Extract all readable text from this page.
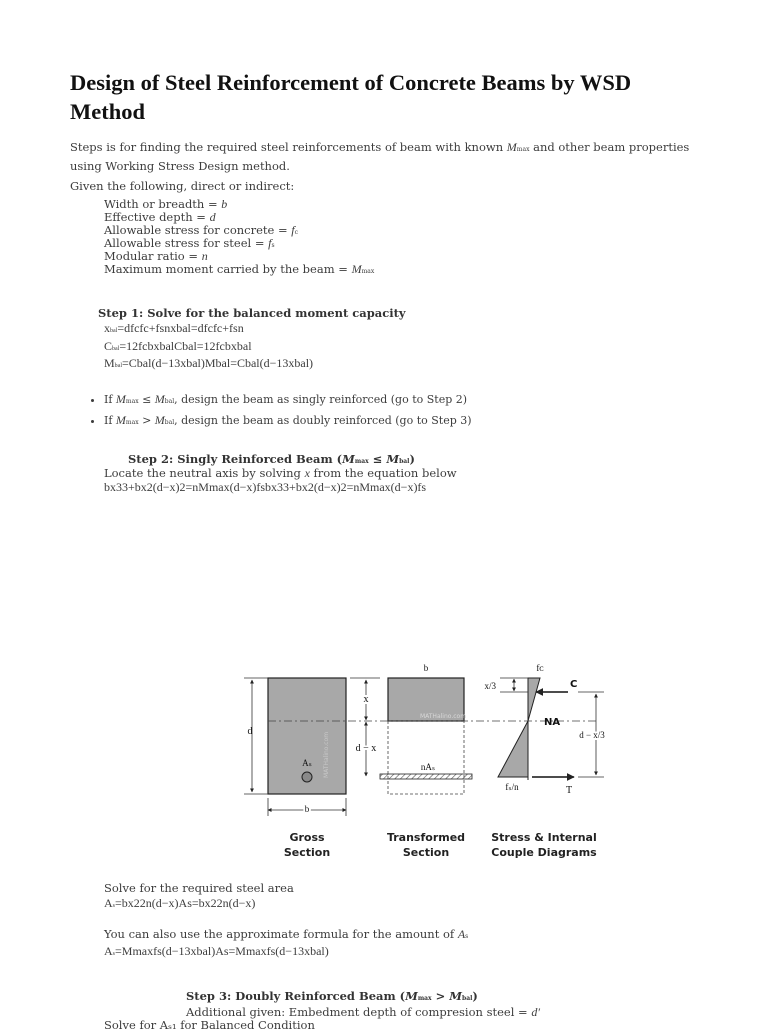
Design of Steel Reinforcement of Concrete Beams by WSD Method
Steps is for finding the required steel reinforcements of beam with known Mmax and other beam properties using Working Stress Design method.
Given the following, direct or indirect:
Width or breadth = b
Effective depth = d
Allowable stress for concrete = fc
Allowable stress for steel = fs
Modular ratio = n
Maximum moment carried by the beam = Mmax
Step 1: Solve for the balanced moment capacity
xbal=dfcfc+fsnxbal=dfcfc+fsn
Cbal=12fcbxbalCbal=12fcbxbal
Mbal=Cbal(d−13xbal)Mbal=Cbal(d−13xbal)
• If Mmax ≤ Mbal, design the beam as singly reinforced (go to Step 2)
• If Mmax > Mbal, design the beam as doubly reinforced (go to Step 3)
Step 2: Singly Reinforced Beam (Mmax ≤ Mbal)
Locate the neutral axis by solving x from the equation below
bx33+bx2(d−x)2=nMmax(d−x)fsbx33+bx2(d−x)2=nMmax(d−x)fs
Aₛ MATHalino.com
d
b
x
d − x
b
MATHalino.com
nAₛ
fᴄ
x/3	C
NA
T
fₛ/n
d − x/3
Gross
Section
Transformed
Section
Stress & Internal
Couple Diagrams
Solve for the required steel area
As=bx22n(d−x)As=bx22n(d−x)
You can also use the approximate formula for the amount of As
As=Mmaxfs(d−13xbal)As=Mmaxfs(d−13xbal)
Step 3: Doubly Reinforced Beam (Mmax > Mbal)
Additional given: Embedment depth of compresion steel = d′
Solve for Aₛ₁ for Balanced Condition
